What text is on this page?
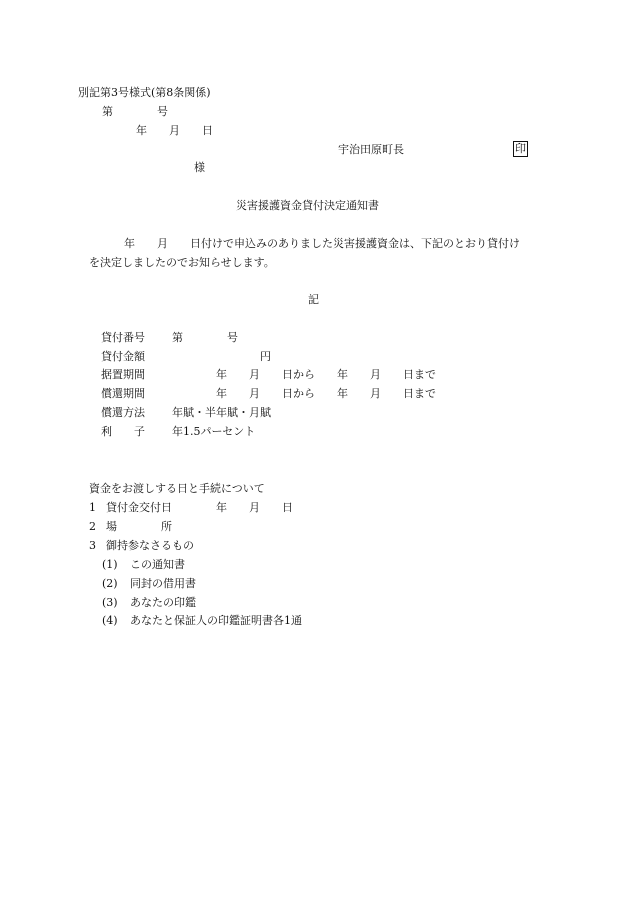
別記第3号様式(第8条関係)
第　　　　号
年　　月　　日
宇治田原町長	印
様
災害援護資金貸付決定通知書
年　　月　　日付けで申込みのありました災害援護資金は、下記のとおり貸付け
を決定しましたのでお知らせします。
記
貸付番号 第　　　　号
貸付金額 　　　　　　　　円
据置期間 　　　　年　　月　　日から　　年　　月　　日まで
償還期間 　　　　年　　月　　日から　　年　　月　　日まで
償還方法 年賦・半年賦・月賦
利　　子 年1.5パーセント
資金をお渡しする日と手続について
1 貸付金交付日　　　　年　　月　　日
2 場　　　　所
3 御持参なさるもの
(1) この通知書
(2) 同封の借用書
(3) あなたの印鑑
(4) あなたと保証人の印鑑証明書各1通
